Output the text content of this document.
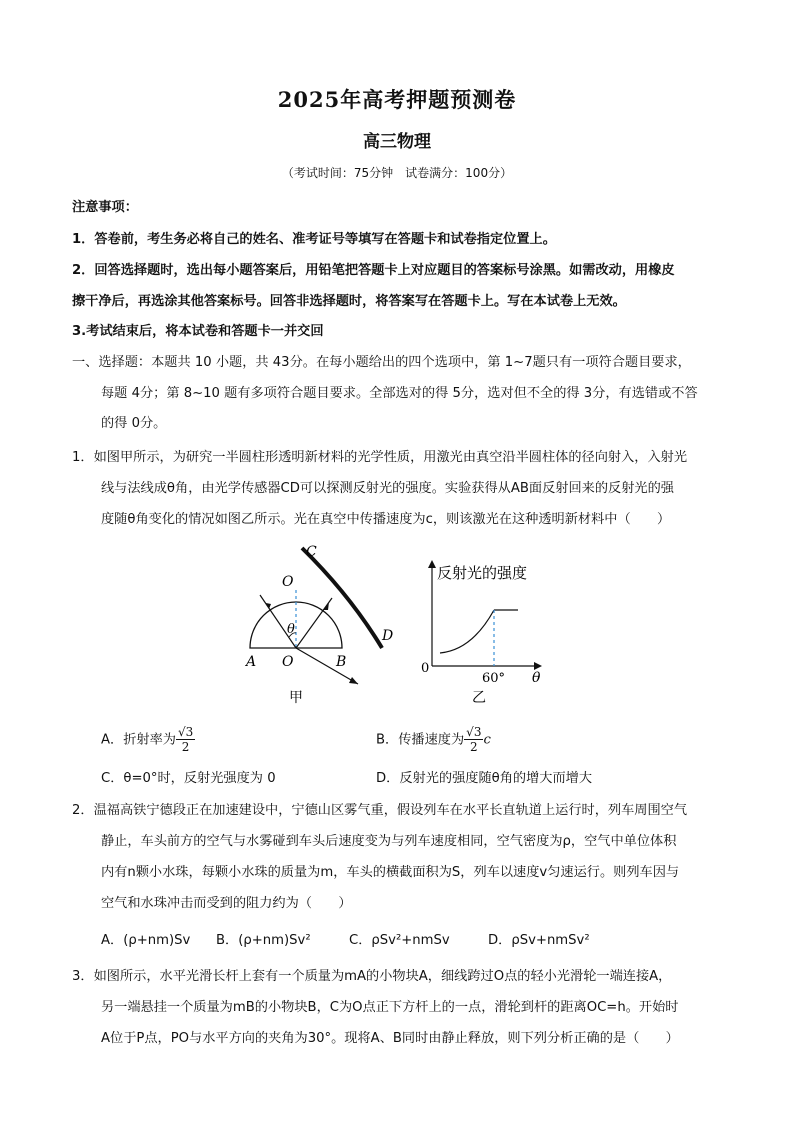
2025年高考押题预测卷
高三物理
（考试时间：75分钟　试卷满分：100分）
注意事项：
1．答卷前，考生务必将自己的姓名、准考证号等填写在答题卡和试卷指定位置上。
2．回答选择题时，选出每小题答案后，用铅笔把答题卡上对应题目的答案标号涂黑。如需改动，用橡皮
擦干净后，再选涂其他答案标号。回答非选择题时，将答案写在答题卡上。写在本试卷上无效。
3.考试结束后，将本试卷和答题卡一并交回
一、选择题：本题共 10 小题，共 43分。在每小题给出的四个选项中，第 1~7题只有一项符合题目要求，
每题 4分；第 8~10 题有多项符合题目要求。全部选对的得 5分，选对但不全的得 3分，有选错或不答
的得 0分。
1．如图甲所示，为研究一半圆柱形透明新材料的光学性质，用激光由真空沿半圆柱体的径向射入，入射光
线与法线成θ角，由光学传感器CD可以探测反射光的强度。实验获得从AB面反射回来的反射光的强
度随θ角变化的情况如图乙所示。光在真空中传播速度为c，则该激光在这种透明新材料中（　　）
C
O
θ	D
A O	B
甲
反射光的强度
0
60° θ
乙
A．折射率为 $\frac{√3}{2}$	B．传播速度为 $\frac{√3}{2}$ c
C．θ=0°时，反射光强度为 0	D．反射光的强度随θ角的增大而增大
2．温福高铁宁德段正在加速建设中，宁德山区雾气重，假设列车在水平长直轨道上运行时，列车周围空气
静止，车头前方的空气与水雾碰到车头后速度变为与列车速度相同，空气密度为ρ，空气中单位体积
内有n颗小水珠，每颗小水珠的质量为m，车头的横截面积为S，列车以速度v匀速运行。则列车因与
空气和水珠冲击而受到的阻力约为（　　）
A．(ρ+nm)Sv B．(ρ+nm)Sv²	C．ρSv²+nmSv	D．ρSv+nmSv²
3．如图所示，水平光滑长杆上套有一个质量为mA的小物块A，细线跨过O点的轻小光滑轮一端连接A，
另一端悬挂一个质量为mB的小物块B，C为O点正下方杆上的一点，滑轮到杆的距离OC=h。开始时
A位于P点，PO与水平方向的夹角为30°。现将A、B同时由静止释放，则下列分析正确的是（　　）
